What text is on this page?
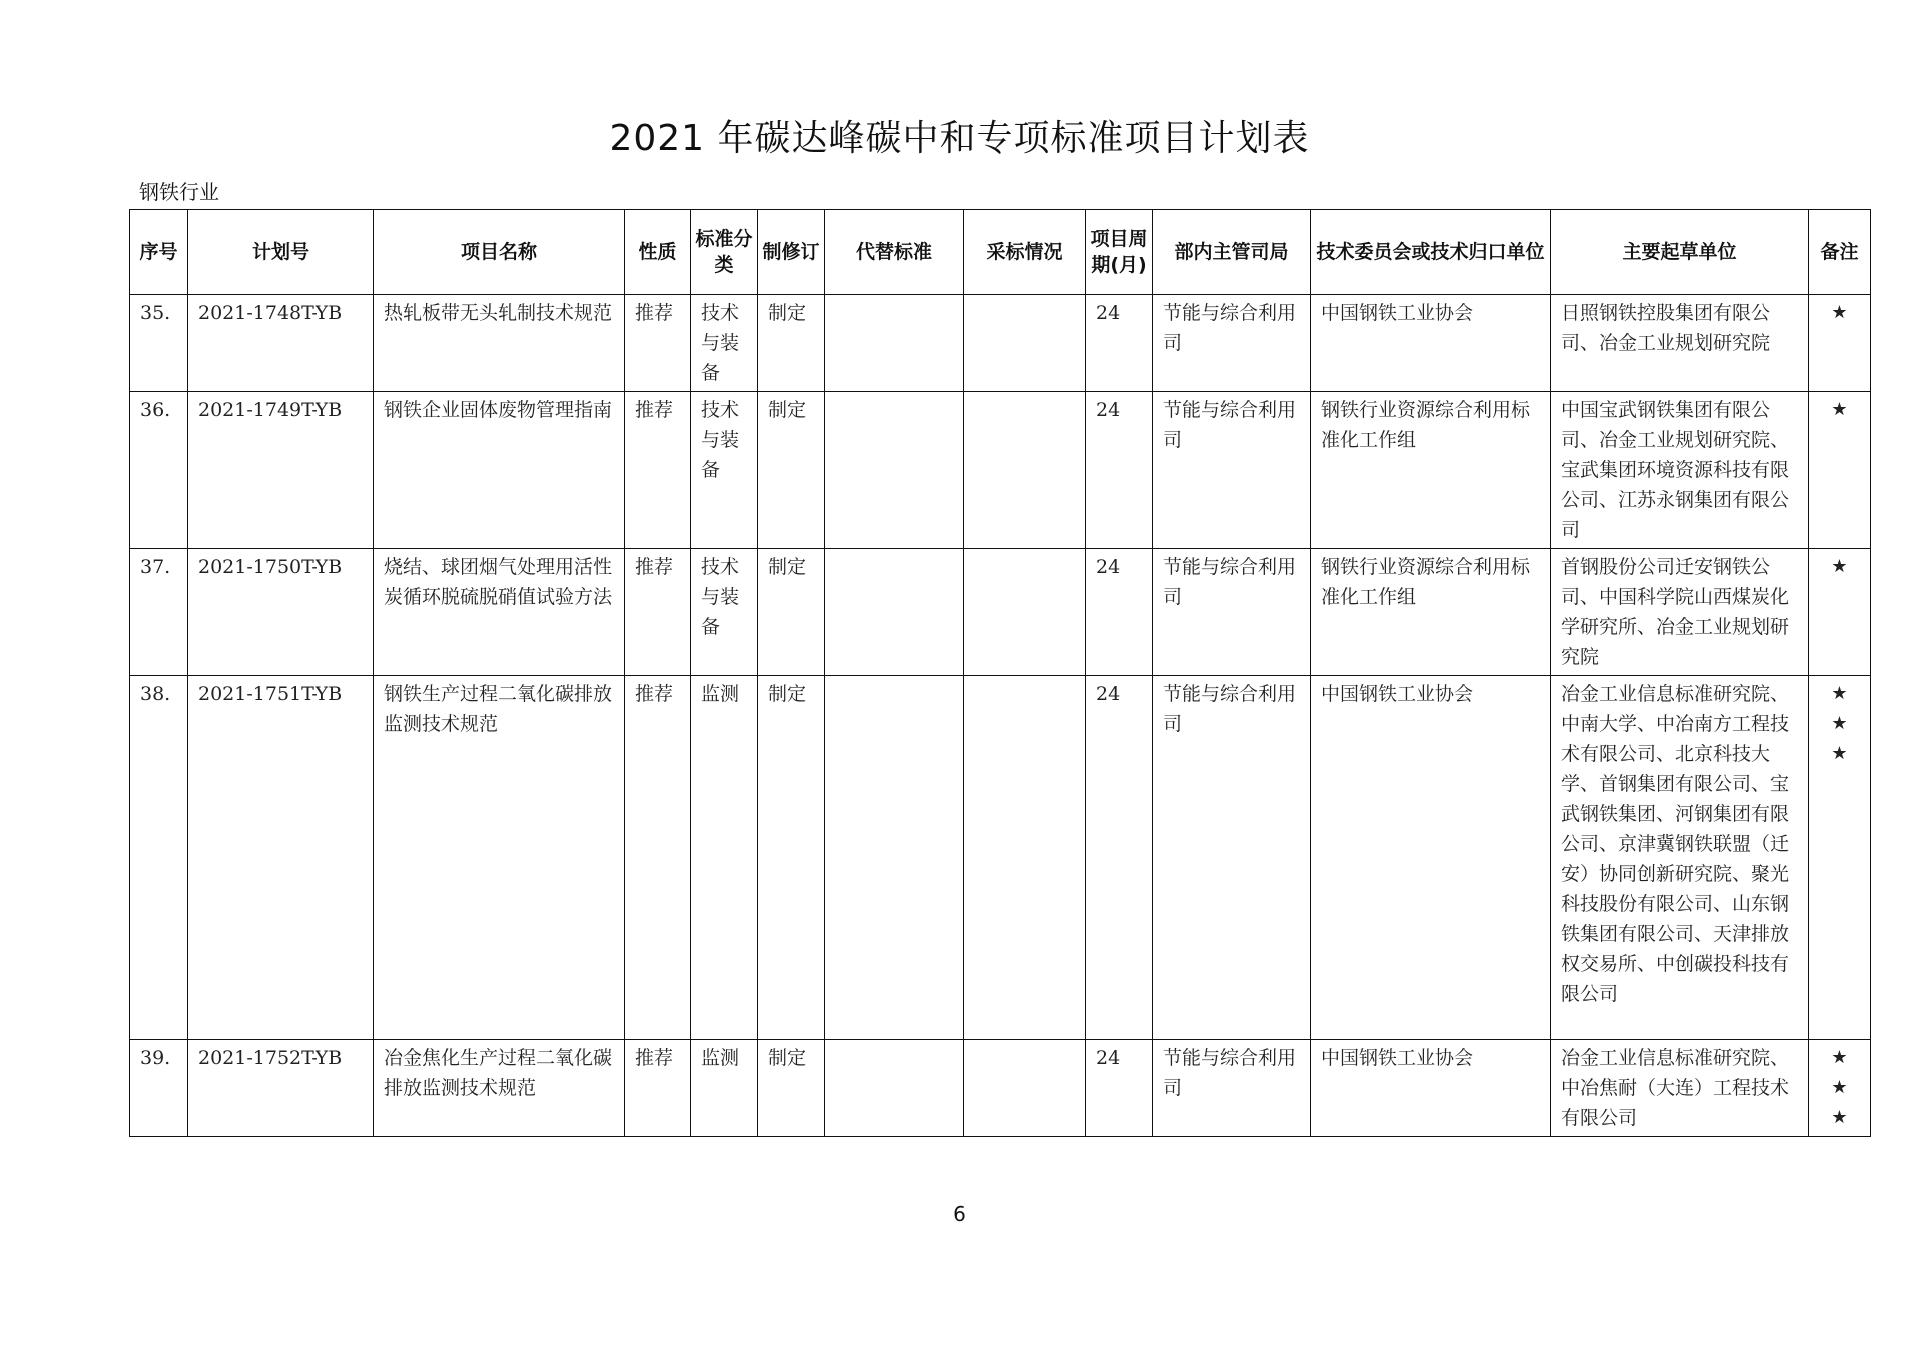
2021 年碳达峰碳中和专项标准项目计划表
钢铁行业
序号	计划号	项目名称	性质	标准分类	制修订	代替标准	采标情况	项目周期(月)	部内主管司局	技术委员会或技术归口单位	主要起草单位	备注
35.	2021-1748T-YB	热轧板带无头轧制技术规范	推荐	技术与装备	制定			24	节能与综合利用司	中国钢铁工业协会	日照钢铁控股集团有限公司、冶金工业规划研究院	★

36.	2021-1749T-YB	钢铁企业固体废物管理指南	推荐	技术与装备	制定			24	节能与综合利用司	钢铁行业资源综合利用标准化工作组	中国宝武钢铁集团有限公司、冶金工业规划研究院、宝武集团环境资源科技有限公司、江苏永钢集团有限公司	★

37.	2021-1750T-YB	烧结、球团烟气处理用活性炭循环脱硫脱硝值试验方法	推荐	技术与装备	制定			24	节能与综合利用司	钢铁行业资源综合利用标准化工作组	首钢股份公司迁安钢铁公司、中国科学院山西煤炭化学研究所、冶金工业规划研究院	★

38.	2021-1751T-YB	钢铁生产过程二氧化碳排放监测技术规范	推荐	监测	制定			24	节能与综合利用司	中国钢铁工业协会	冶金工业信息标准研究院、中南大学、中冶南方工程技术有限公司、北京科技大学、首钢集团有限公司、宝武钢铁集团、河钢集团有限公司、京津冀钢铁联盟（迁安）协同创新研究院、聚光科技股份有限公司、山东钢铁集团有限公司、天津排放权交易所、中创碳投科技有限公司	★
★
★

39.	2021-1752T-YB	冶金焦化生产过程二氧化碳排放监测技术规范	推荐	监测	制定			24	节能与综合利用司	中国钢铁工业协会	冶金工业信息标准研究院、中冶焦耐（大连）工程技术有限公司	★
★
★
6
